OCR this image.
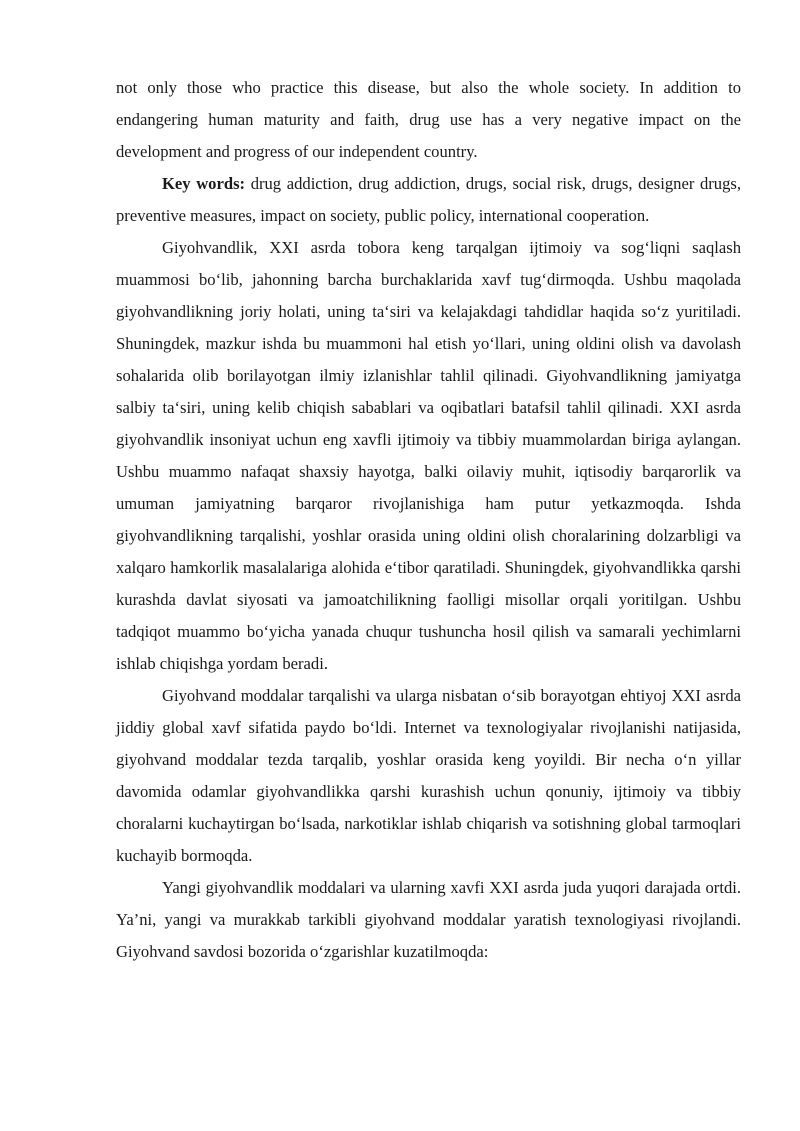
not only those who practice this disease, but also the whole society. In addition to endangering human maturity and faith, drug use has a very negative impact on the development and progress of our independent country.

Key words: drug addiction, drug addiction, drugs, social risk, drugs, designer drugs, preventive measures, impact on society, public policy, international cooperation.

Giyohvandlik, XXI asrda tobora keng tarqalgan ijtimoiy va sog‘liqni saqlash muammosi bo‘lib, jahonning barcha burchaklarida xavf tug‘dirmoqda. Ushbu maqolada giyohvandlikning joriy holati, uning ta‘siri va kelajakdagi tahdidlar haqida so‘z yuritiladi. Shuningdek, mazkur ishda bu muammoni hal etish yo‘llari, uning oldini olish va davolash sohalarida olib borilayotgan ilmiy izlanishlar tahlil qilinadi. Giyohvandlikning jamiyatga salbiy ta‘siri, uning kelib chiqish sabablari va oqibatlari batafsil tahlil qilinadi. XXI asrda giyohvandlik insoniyat uchun eng xavfli ijtimoiy va tibbiy muammolardan biriga aylangan. Ushbu muammo nafaqat shaxsiy hayotga, balki oilaviy muhit, iqtisodiy barqarorlik va umuman jamiyatning barqaror rivojlanishiga ham putur yetkazmoqda. Ishda giyohvandlikning tarqalishi, yoshlar orasida uning oldini olish choralarining dolzarbligi va xalqaro hamkorlik masalalariga alohida e‘tibor qaratiladi. Shuningdek, giyohvandlikka qarshi kurashda davlat siyosati va jamoatchilikning faolligi misollar orqali yoritilgan. Ushbu tadqiqot muammo bo‘yicha yanada chuqur tushuncha hosil qilish va samarali yechimlarni ishlab chiqishga yordam beradi.

Giyohvand moddalar tarqalishi va ularga nisbatan o‘sib borayotgan ehtiyoj XXI asrda jiddiy global xavf sifatida paydo bo‘ldi. Internet va texnologiyalar rivojlanishi natijasida, giyohvand moddalar tezda tarqalib, yoshlar orasida keng yoyildi. Bir necha o‘n yillar davomida odamlar giyohvandlikka qarshi kurashish uchun qonuniy, ijtimoiy va tibbiy choralarni kuchaytirgan bo‘lsada, narkotiklar ishlab chiqarish va sotishning global tarmoqlari kuchayib bormoqda.

Yangi giyohvandlik moddalari va ularning xavfi XXI asrda juda yuqori darajada ortdi. Ya’ni, yangi va murakkab tarkibli giyohvand moddalar yaratish texnologiyasi rivojlandi. Giyohvand savdosi bozorida o‘zgarishlar kuzatilmoqda:
